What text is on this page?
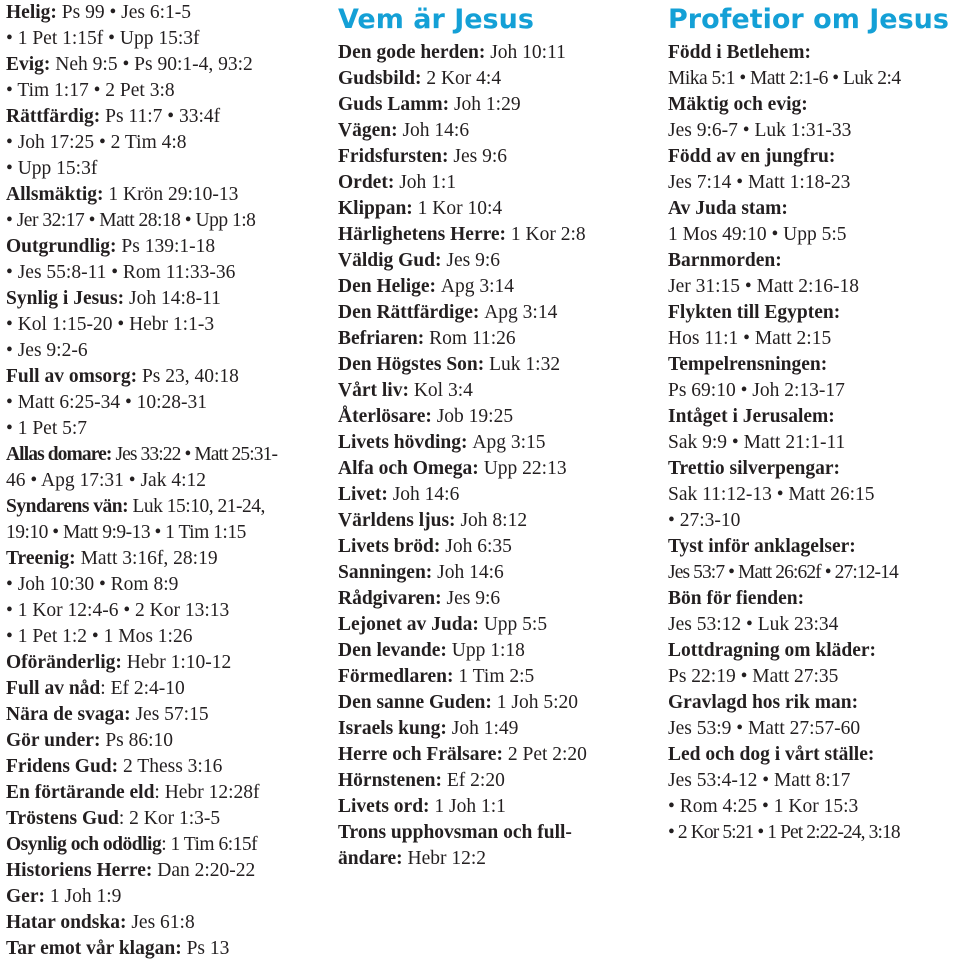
Helig: Ps 99 • Jes 6:1-5
• 1 Pet 1:15f • Upp 15:3f
Evig: Neh 9:5 • Ps 90:1-4, 93:2
• Tim 1:17 • 2 Pet 3:8
Rättfärdig: Ps 11:7 • 33:4f
• Joh 17:25 • 2 Tim 4:8
• Upp 15:3f
Allsmäktig: 1 Krön 29:10-13
• Jer 32:17 • Matt 28:18 • Upp 1:8
Outgrundlig: Ps 139:1-18
• Jes 55:8-11 • Rom 11:33-36
Synlig i Jesus: Joh 14:8-11
• Kol 1:15-20 • Hebr 1:1-3
• Jes 9:2-6
Full av omsorg: Ps 23, 40:18
• Matt 6:25-34 • 10:28-31
• 1 Pet 5:7
Allas domare: Jes 33:22 • Matt 25:31-
46 • Apg 17:31 • Jak 4:12
Syndarens vän: Luk 15:10, 21-24,
19:10 • Matt 9:9-13 • 1 Tim 1:15
Treenig: Matt 3:16f, 28:19
• Joh 10:30 • Rom 8:9
• 1 Kor 12:4-6 • 2 Kor 13:13
• 1 Pet 1:2 • 1 Mos 1:26
Oföränderlig: Hebr 1:10-12
Full av nåd: Ef 2:4-10
Nära de svaga: Jes 57:15
Gör under: Ps 86:10
Fridens Gud: 2 Thess 3:16
En förtärande eld: Hebr 12:28f
Tröstens Gud: 2 Kor 1:3-5
Osynlig och odödlig: 1 Tim 6:15f
Historiens Herre: Dan 2:20-22
Ger: 1 Joh 1:9
Hatar ondska: Jes 61:8
Tar emot vår klagan: Ps 13
Vem är Jesus
Den gode herden: Joh 10:11
Gudsbild: 2 Kor 4:4
Guds Lamm: Joh 1:29
Vägen: Joh 14:6
Fridsfursten: Jes 9:6
Ordet: Joh 1:1
Klippan: 1 Kor 10:4
Härlighetens Herre: 1 Kor 2:8
Väldig Gud: Jes 9:6
Den Helige: Apg 3:14
Den Rättfärdige: Apg 3:14
Befriaren: Rom 11:26
Den Högstes Son: Luk 1:32
Vårt liv: Kol 3:4
Återlösare: Job 19:25
Livets hövding: Apg 3:15
Alfa och Omega: Upp 22:13
Livet: Joh 14:6
Världens ljus: Joh 8:12
Livets bröd: Joh 6:35
Sanningen: Joh 14:6
Rådgivaren: Jes 9:6
Lejonet av Juda: Upp 5:5
Den levande: Upp 1:18
Förmedlaren: 1 Tim 2:5
Den sanne Guden: 1 Joh 5:20
Israels kung: Joh 1:49
Herre och Frälsare: 2 Pet 2:20
Hörnstenen: Ef 2:20
Livets ord: 1 Joh 1:1
Trons upphovsman och full-
ändare: Hebr 12:2
Profetior om Jesus
Född i Betlehem:
Mika 5:1 • Matt 2:1-6 • Luk 2:4
Mäktig och evig:
Jes 9:6-7 • Luk 1:31-33
Född av en jungfru:
Jes 7:14 • Matt 1:18-23
Av Juda stam:
1 Mos 49:10 • Upp 5:5
Barnmorden:
Jer 31:15 • Matt 2:16-18
Flykten till Egypten:
Hos 11:1 • Matt 2:15
Tempelrensningen:
Ps 69:10 • Joh 2:13-17
Intåget i Jerusalem:
Sak 9:9 • Matt 21:1-11
Trettio silverpengar:
Sak 11:12-13 • Matt 26:15
• 27:3-10
Tyst inför anklagelser:
Jes 53:7 • Matt 26:62f • 27:12-14
Bön för fienden:
Jes 53:12 • Luk 23:34
Lottdragning om kläder:
Ps 22:19 • Matt 27:35
Gravlagd hos rik man:
Jes 53:9 • Matt 27:57-60
Led och dog i vårt ställe:
Jes 53:4-12 • Matt 8:17
• Rom 4:25 • 1 Kor 15:3
• 2 Kor 5:21 • 1 Pet 2:22-24, 3:18
